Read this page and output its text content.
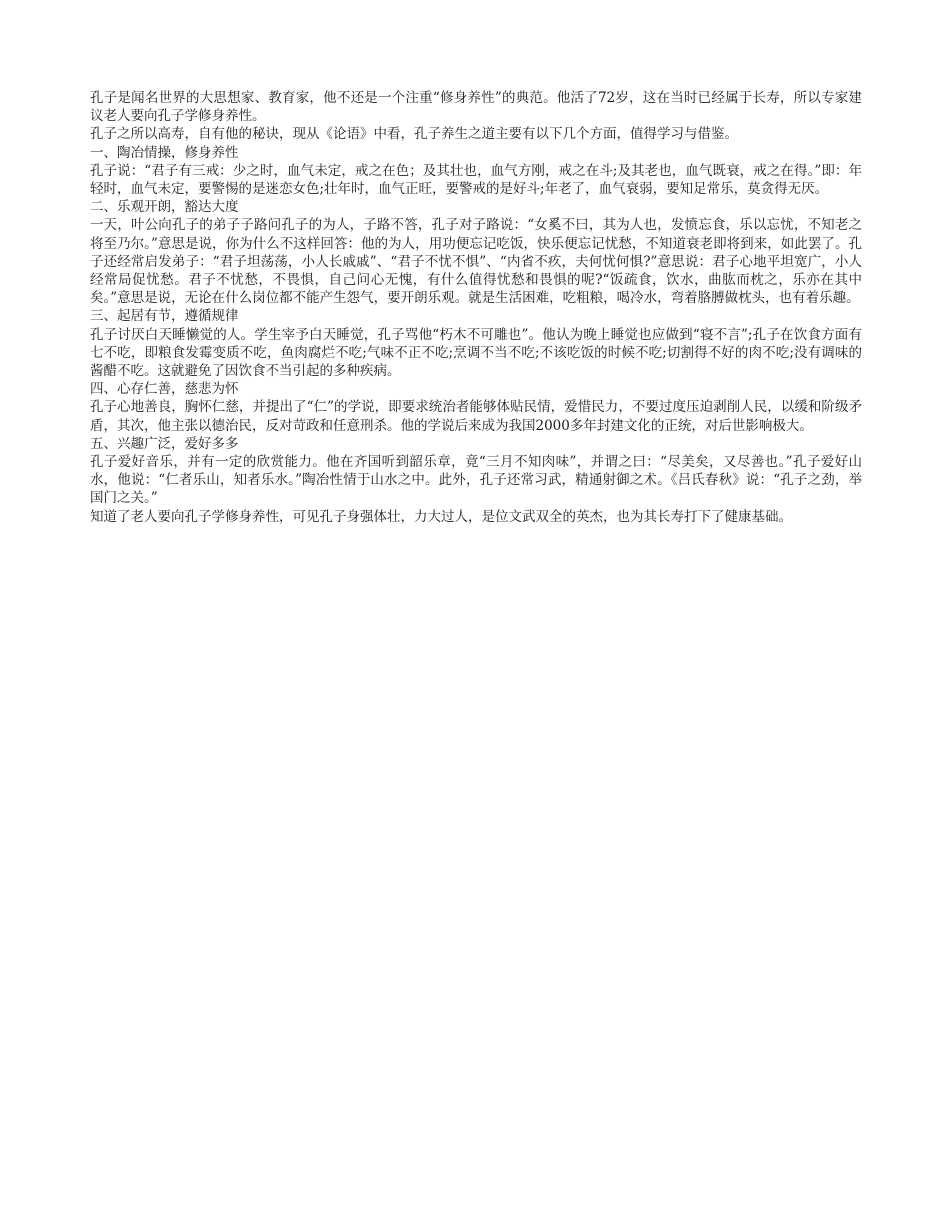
孔子是闻名世界的大思想家、教育家，他不还是一个注重“修身养性”的典范。他活了72岁，这在当时已经属于长寿，所以专家建议老人要向孔子学修身养性。

孔子之所以高寿，自有他的秘诀，现从《论语》中看，孔子养生之道主要有以下几个方面，值得学习与借鉴。

一、陶冶情操，修身养性

孔子说：“君子有三戒：少之时，血气未定，戒之在色；及其壮也，血气方刚，戒之在斗;及其老也，血气既衰，戒之在得。”即：年轻时，血气未定，要警惕的是迷恋女色;壮年时，血气正旺，要警戒的是好斗;年老了，血气衰弱，要知足常乐，莫贪得无厌。

二、乐观开朗，豁达大度

一天，叶公向孔子的弟子子路问孔子的为人，子路不答，孔子对子路说：“女奚不曰，其为人也，发愤忘食，乐以忘忧，不知老之将至乃尔。”意思是说，你为什么不这样回答：他的为人，用功便忘记吃饭，快乐便忘记忧愁，不知道衰老即将到来，如此罢了。孔子还经常启发弟子：“君子坦荡荡，小人长戚戚”、“君子不忧不惧”、“内省不疚，夫何忧何惧?”意思说：君子心地平坦宽广，小人经常局促忧愁。君子不忧愁，不畏惧，自己问心无愧，有什么值得忧愁和畏惧的呢?“饭疏食，饮水，曲肱而枕之，乐亦在其中矣。”意思是说，无论在什么岗位都不能产生怨气，要开朗乐观。就是生活困难，吃粗粮，喝冷水，弯着胳膊做枕头，也有着乐趣。

三、起居有节，遵循规律

孔子讨厌白天睡懒觉的人。学生宰予白天睡觉，孔子骂他“朽木不可雕也”。他认为晚上睡觉也应做到“寝不言”;孔子在饮食方面有七不吃，即粮食发霉变质不吃，鱼肉腐烂不吃;气味不正不吃;烹调不当不吃;不该吃饭的时候不吃;切割得不好的肉不吃;没有调味的酱醋不吃。这就避免了因饮食不当引起的多种疾病。

四、心存仁善，慈悲为怀

孔子心地善良，胸怀仁慈，并提出了“仁”的学说，即要求统治者能够体贴民情，爱惜民力，不要过度压迫剥削人民，以缓和阶级矛盾，其次，他主张以德治民，反对苛政和任意刑杀。他的学说后来成为我国2000多年封建文化的正统，对后世影响极大。

五、兴趣广泛，爱好多多

孔子爱好音乐，并有一定的欣赏能力。他在齐国听到韶乐章，竟“三月不知肉味”，并谓之曰：“尽美矣，又尽善也。”孔子爱好山水，他说：“仁者乐山，知者乐水。”陶冶性情于山水之中。此外，孔子还常习武，精通射御之术。《吕氏春秋》说：“孔子之劲，举国门之关。”

知道了老人要向孔子学修身养性，可见孔子身强体壮，力大过人，是位文武双全的英杰，也为其长寿打下了健康基础。
